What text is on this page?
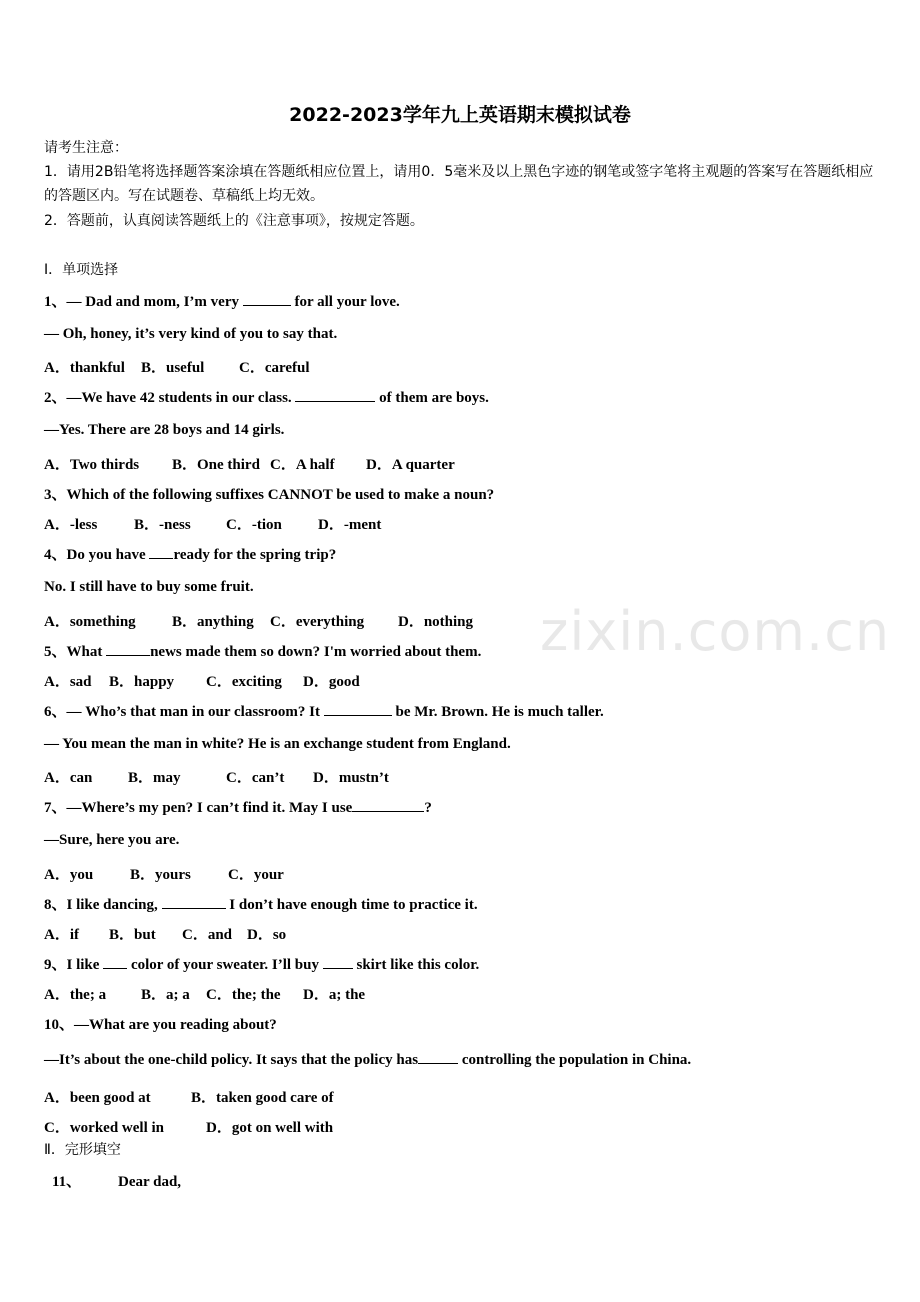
2022-2023学年九上英语期末模拟试卷
请考生注意：
1．请用2B铅笔将选择题答案涂填在答题纸相应位置上，请用0．5毫米及以上黑色字迹的钢笔或签字笔将主观题的答案写在答题纸相应的答题区内。写在试题卷、草稿纸上均无效。
2．答题前，认真阅读答题纸上的《注意事项》，按规定答题。
Ⅰ．单项选择
1、— Dad and mom, I’m very	for all your love.
— Oh, honey, it’s very kind of you to say that.
A．thankful B．useful C．careful
2、—We have 42 students in our class.	of them are boys.
—Yes. There are 28 boys and 14 girls.
A．Two thirds B．One third C．A half D．A quarter
3、Which of the following suffixes CANNOT be used to make a noun?
A．-less B．-ness C．-tion D．-ment
4、Do you have ready for the spring trip?
No. I still have to buy some fruit.
A．something B．anything C．everything D．nothing
5、What	news made them so down? I'm worried about them.
A．sad B．happy C．exciting D．good
6、— Who’s that man in our classroom? It	be Mr. Brown. He is much taller.
— You mean the man in white? He is an exchange student from England.
A．can B．may	C．can’t D．mustn’t
7、—Where’s my pen? I can’t find it. May I use	?
—Sure, here you are.
A．you B．yours C．your
8、I like dancing,	I don’t have enough time to practice it.
A．if B．but C．and D．so
9、I like  color of your sweater. I’ll buy  skirt like this color.
A．the; a B．a; a C．the; the D．a; the
10、—What are you reading about?
—It’s about the one-child policy. It says that the policy has	controlling the population in China.
A．been good at	B．taken good care of
C．worked well in	D．got on well with
Ⅱ．完形填空
11、 Dear dad,
zixin.com.cn
